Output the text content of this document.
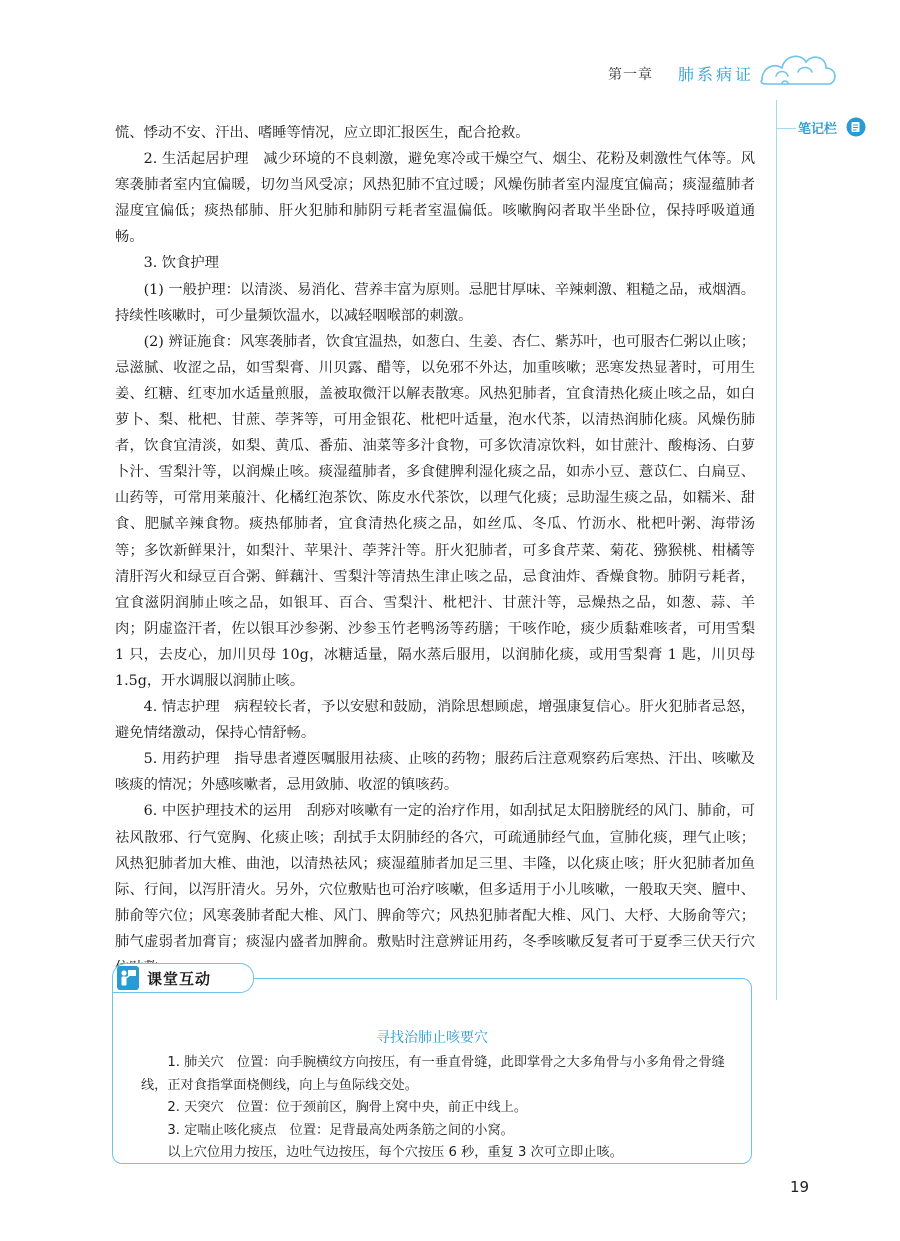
第一章 肺系病证
笔记栏

慌、悸动不安、汗出、嗜睡等情况，应立即汇报医生，配合抢救。

2. 生活起居护理　减少环境的不良刺激，避免寒冷或干燥空气、烟尘、花粉及刺激性气体等。风寒袭肺者室内宜偏暖，切勿当风受凉；风热犯肺不宜过暖；风燥伤肺者室内湿度宜偏高；痰湿蕴肺者湿度宜偏低；痰热郁肺、肝火犯肺和肺阴亏耗者室温偏低。咳嗽胸闷者取半坐卧位，保持呼吸道通畅。

3. 饮食护理

(1) 一般护理：以清淡、易消化、营养丰富为原则。忌肥甘厚味、辛辣刺激、粗糙之品，戒烟酒。持续性咳嗽时，可少量频饮温水，以减轻咽喉部的刺激。

(2) 辨证施食：风寒袭肺者，饮食宜温热，如葱白、生姜、杏仁、紫苏叶，也可服杏仁粥以止咳；忌滋腻、收涩之品，如雪梨膏、川贝露、醋等，以免邪不外达，加重咳嗽；恶寒发热显著时，可用生姜、红糖、红枣加水适量煎服，盖被取微汗以解表散寒。风热犯肺者，宜食清热化痰止咳之品，如白萝卜、梨、枇杷、甘蔗、荸荠等，可用金银花、枇杷叶适量，泡水代茶，以清热润肺化痰。风燥伤肺者，饮食宜清淡，如梨、黄瓜、番茄、油菜等多汁食物，可多饮清凉饮料，如甘蔗汁、酸梅汤、白萝卜汁、雪梨汁等，以润燥止咳。痰湿蕴肺者，多食健脾利湿化痰之品，如赤小豆、薏苡仁、白扁豆、山药等，可常用莱菔汁、化橘红泡茶饮、陈皮水代茶饮，以理气化痰；忌助湿生痰之品，如糯米、甜食、肥腻辛辣食物。痰热郁肺者，宜食清热化痰之品，如丝瓜、冬瓜、竹沥水、枇杷叶粥、海带汤等；多饮新鲜果汁，如梨汁、苹果汁、荸荠汁等。肝火犯肺者，可多食芹菜、菊花、猕猴桃、柑橘等清肝泻火和绿豆百合粥、鲜藕汁、雪梨汁等清热生津止咳之品，忌食油炸、香燥食物。肺阴亏耗者，宜食滋阴润肺止咳之品，如银耳、百合、雪梨汁、枇杷汁、甘蔗汁等，忌燥热之品，如葱、蒜、羊肉；阴虚盗汗者，佐以银耳沙参粥、沙参玉竹老鸭汤等药膳；干咳作呛，痰少质黏难咳者，可用雪梨 1 只，去皮心，加川贝母 10g，冰糖适量，隔水蒸后服用，以润肺化痰，或用雪梨膏 1 匙，川贝母 1.5g，开水调服以润肺止咳。

4. 情志护理　病程较长者，予以安慰和鼓励，消除思想顾虑，增强康复信心。肝火犯肺者忌怒，避免情绪激动，保持心情舒畅。

5. 用药护理　指导患者遵医嘱服用祛痰、止咳的药物；服药后注意观察药后寒热、汗出、咳嗽及咳痰的情况；外感咳嗽者，忌用敛肺、收涩的镇咳药。

6. 中医护理技术的运用　刮痧对咳嗽有一定的治疗作用，如刮拭足太阳膀胱经的风门、肺俞，可祛风散邪、行气宽胸、化痰止咳；刮拭手太阴肺经的各穴，可疏通肺经气血，宣肺化痰，理气止咳；风热犯肺者加大椎、曲池，以清热祛风；痰湿蕴肺者加足三里、丰隆，以化痰止咳；肝火犯肺者加鱼际、行间，以泻肝清火。另外，穴位敷贴也可治疗咳嗽，但多适用于小儿咳嗽，一般取天突、膻中、肺俞等穴位；风寒袭肺者配大椎、风门、脾俞等穴；风热犯肺者配大椎、风门、大杼、大肠俞等穴；肺气虚弱者加膏肓；痰湿内盛者加脾俞。敷贴时注意辨证用药，冬季咳嗽反复者可于夏季三伏天行穴

寻找治肺止咳要穴

1. 肺关穴　位置：向手腕横纹方向按压，有一垂直骨缝，此即掌骨之大多角骨与小多角骨之骨缝线，正对食指掌面桡侧线，向上与鱼际线交处。

2. 天突穴　位置：位于颈前区，胸骨上窝中央，前正中线上。

3. 定喘止咳化痰点　位置：足背最高处两条筋之间的小窝。

以上穴位用力按压，边吐气边按压，每个穴按压 6 秒，重复 3 次可立即止咳。

课堂互动
19
